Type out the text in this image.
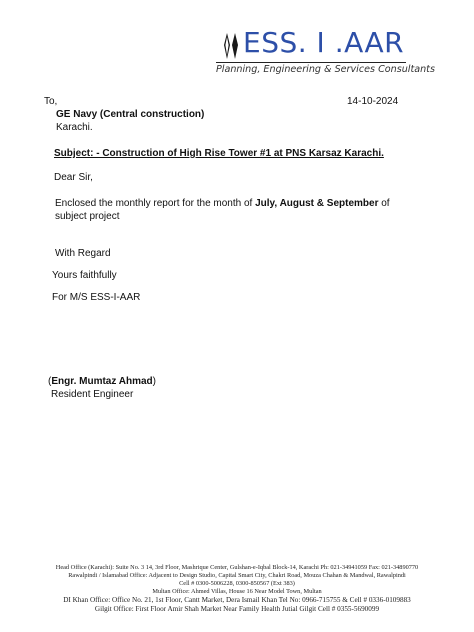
ESS. I .AAR
Planning, Engineering & Services Consultants
To,	14-10-2024
GE Navy (Central construction)
Karachi.
Subject: - Construction of High Rise Tower #1 at PNS Karsaz Karachi.
Dear Sir,
Enclosed the monthly report for the month of July, August & September of subject project
With Regard
Yours faithfully
For M/S ESS-I-AAR
(Engr. Mumtaz Ahmad)
Resident Engineer
Head Office (Karachi): Suite No. 3 14, 3rd Floor, Mashrique Center, Gulshan-e-Iqbal Block-14, Karachi Ph: 021-34941059 Fax: 021-34890770
Rawalpindi / Islamabad Office: Adjacent to Design Studio, Capital Smart City, Chakri Road, Mouza Chahan & Mandwal, Rawalpindi
Cell # 0300-5006228, 0300-850567 (Ext 383)
Multan Office: Ahmed Villas, House 16 Near Model Town, Multan
DI Khan Office: Office No. 21, 1st Floor, Cantt Market, Dera Ismail Khan Tel No: 0966-715755 & Cell # 0336-0109883
Gilgit Office: First Floor Amir Shah Market Near Family Health Jutial Gilgit Cell # 0355-5690099
